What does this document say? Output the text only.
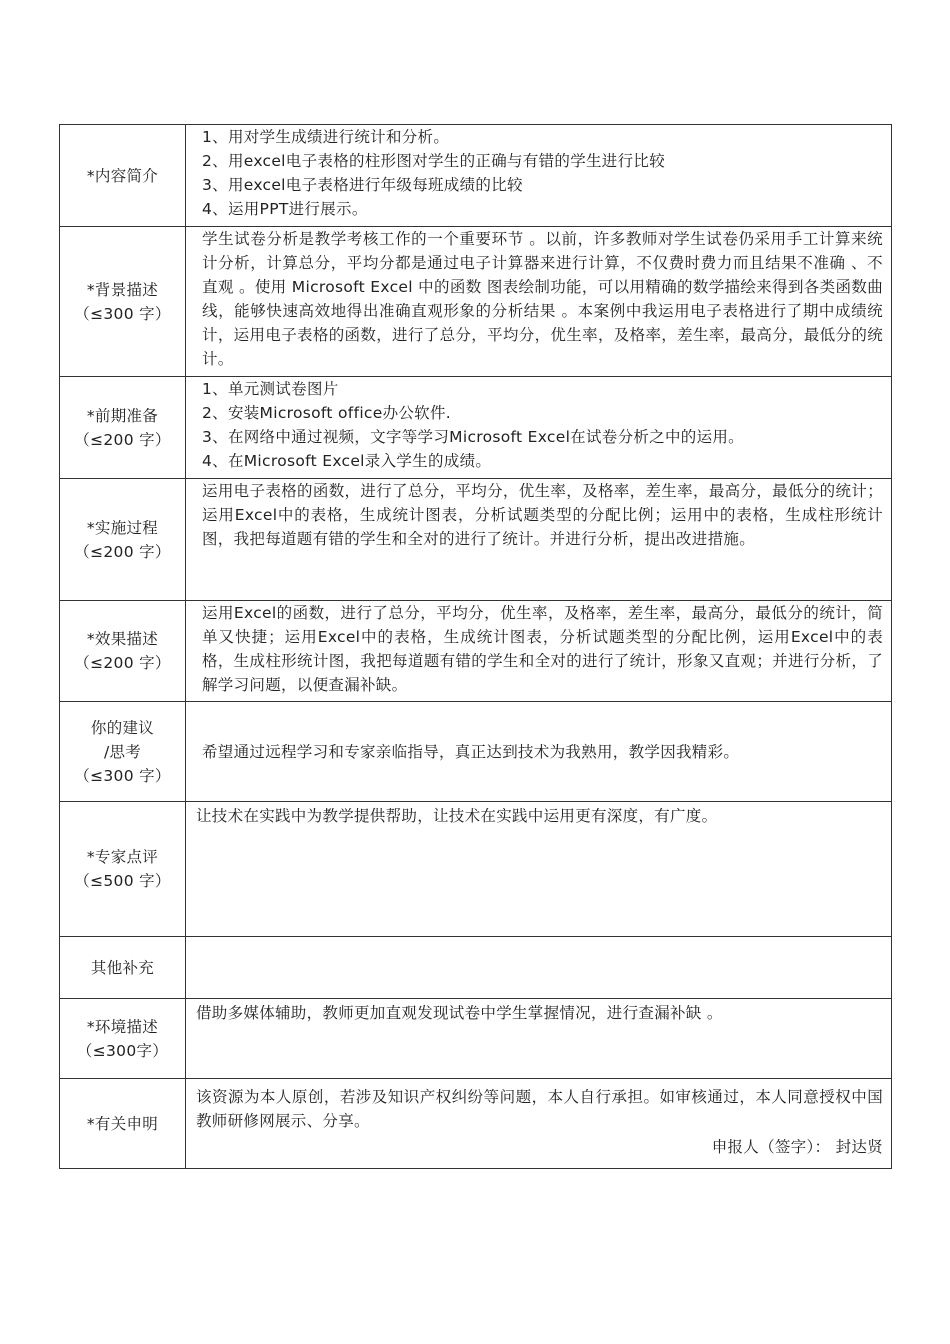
*内容简介	1、用对学生成绩进行统计和分析。
2、用excel电子表格的柱形图对学生的正确与有错的学生进行比较
3、用excel电子表格进行年级每班成绩的比较
4、运用PPT进行展示。

*背景描述
（≤300 字）	学生试卷分析是教学考核工作的一个重要环节 。以前，许多教师对学生试卷仍采用手工计算来统计分析，计算总分，平均分都是通过电子计算器来进行计算，不仅费时费力而且结果不准确 、不直观 。使用 Microsoft Excel 中的函数 图表绘制功能，可以用精确的数学描绘来得到各类函数曲线，能够快速高效地得出准确直观形象的分析结果 。本案例中我运用电子表格进行了期中成绩统计，运用电子表格的函数，进行了总分，平均分，优生率，及格率，差生率，最高分，最低分的统计。

*前期准备
（≤200 字）	1、单元测试卷图片
2、安装Microsoft office办公软件.
3、在网络中通过视频，文字等学习Microsoft Excel在试卷分析之中的运用。
4、在Microsoft Excel录入学生的成绩。

*实施过程
（≤200 字）	运用电子表格的函数，进行了总分，平均分，优生率，及格率，差生率，最高分，最低分的统计；运用Excel中的表格，生成统计图表，分析试题类型的分配比例；运用中的表格，生成柱形统计图，我把每道题有错的学生和全对的进行了统计。并进行分析，提出改进措施。

*效果描述
（≤200 字）	运用Excel的函数，进行了总分，平均分，优生率，及格率，差生率，最高分，最低分的统计，简单又快捷；运用Excel中的表格，生成统计图表，分析试题类型的分配比例，运用Excel中的表格，生成柱形统计图，我把每道题有错的学生和全对的进行了统计，形象又直观；并进行分析，了解学习问题，以便查漏补缺。

你的建议
/思考
（≤300 字）	希望通过远程学习和专家亲临指导，真正达到技术为我熟用，教学因我精彩。

*专家点评
（≤500 字）	让技术在实践中为教学提供帮助，让技术在实践中运用更有深度，有广度。

其他补充	

*环境描述
（≤300字）	借助多媒体辅助，教师更加直观发现试卷中学生掌握情况，进行查漏补缺 。

*有关申明	该资源为本人原创，若涉及知识产权纠纷等问题，本人自行承担。如审核通过，本人同意授权中国教师研修网展示、分享。
申报人（签字）： 封达贤
